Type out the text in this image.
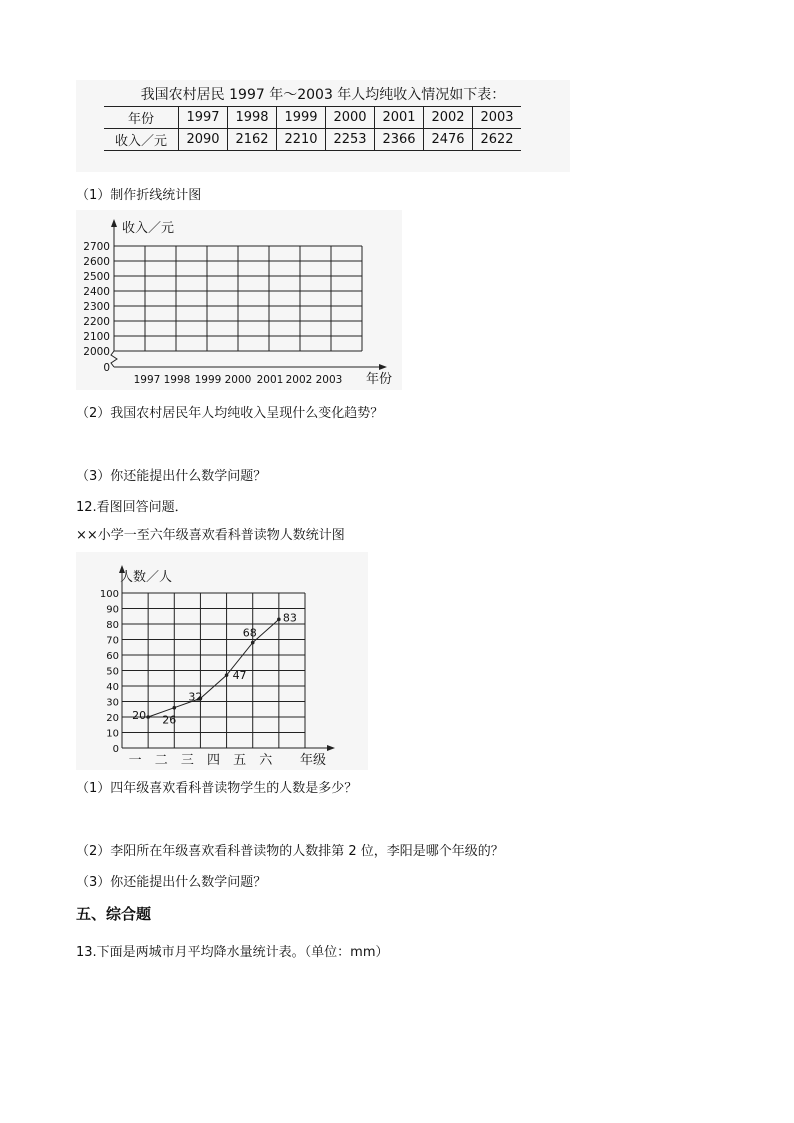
我国农村居民 1997 年～2003 年人均纯收入情况如下表：
年份	1997	1998	1999	2000	2001	2002	2003
收入／元	2090	2162	2210	2253	2366	2476	2622
（1）制作折线统计图
2000
2100
2200
2300
2400
2500
2600
2700
0
1997 1998 1999 2000 2001 2002 2003
收入／元
年份
（2）我国农村居民年人均纯收入呈现什么变化趋势？
（3）你还能提出什么数学问题？
12.看图回答问题．
××小学一至六年级喜欢看科普读物人数统计图
0
10
20
30
40
50
60
70
80
90
100
一 二 三 四 五 六 年级
人数／人
20 26
32
47
68
83
（1）四年级喜欢看科普读物学生的人数是多少？
（2）李阳所在年级喜欢看科普读物的人数排第 2 位，李阳是哪个年级的？
（3）你还能提出什么数学问题？
五、综合题
13.下面是两城市月平均降水量统计表。（单位：mm）
